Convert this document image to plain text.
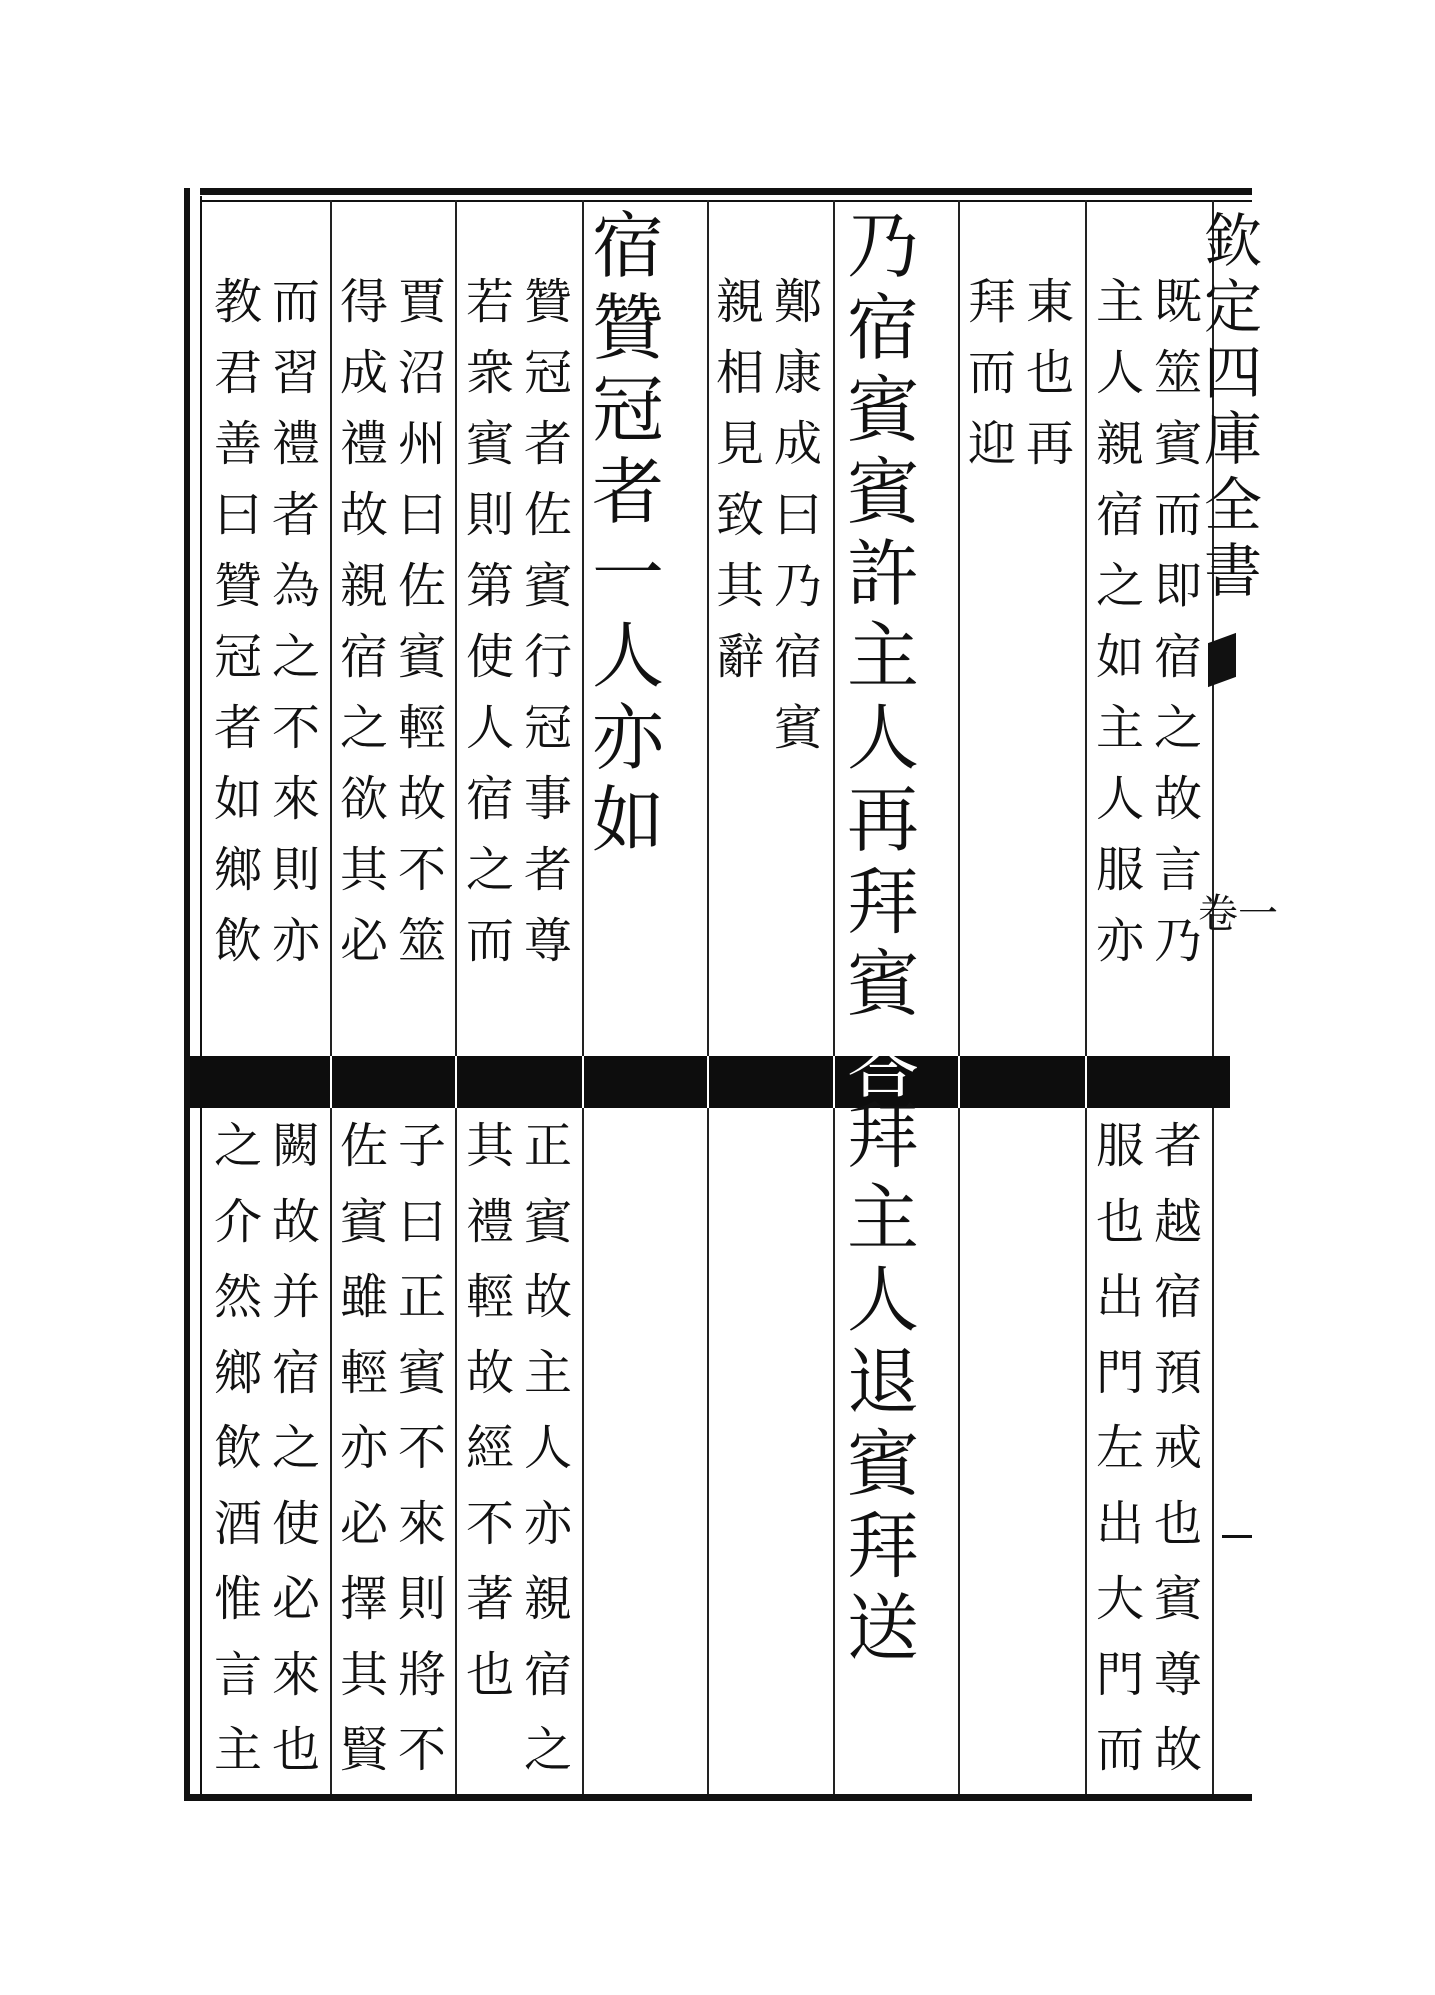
欽
定
四
庫
全
書
卷一
既
筮
賓
而
即
宿
之
故
言
乃
宿
者
越
宿
預
戒
也
賓
尊
故
主
人
親
宿
之
如
主
人
服
亦
朝
服
也
出
門
左
出
大
門
而
東
也
再
拜
拜
而
迎
也
乃
宿
賓
賓
許
主
人
再
拜
賓
答
拜
主
人
退
賓
拜
送
鄭
康
成
曰
乃
宿
賓
者
親
相
見
致
其
辭
也
宿
贊
冠
者
一
人
亦
如
之
贊
冠
者
佐
賓
行
冠
事
者
尊
次
正
賓
故
主
人
亦
親
宿
之
若
衆
賓
則
第
使
人
宿
之
而
已
其
禮
輕
故
經
不
著
也
賈
沼
州
曰
佐
賓
輕
故
不
筮
朱
子
曰
正
賓
不
來
則
將
不
得
成
禮
故
親
宿
之
欲
其
必
來
佐
賓
雖
輕
亦
必
擇
其
賢
而
習
禮
者
為
之
不
來
則
亦
有
闕
故
并
宿
之
使
必
來
也
教
君
善
曰
贊
冠
者
如
鄉
飲
酒
之
介
然
鄉
飲
酒
惟
言
主
